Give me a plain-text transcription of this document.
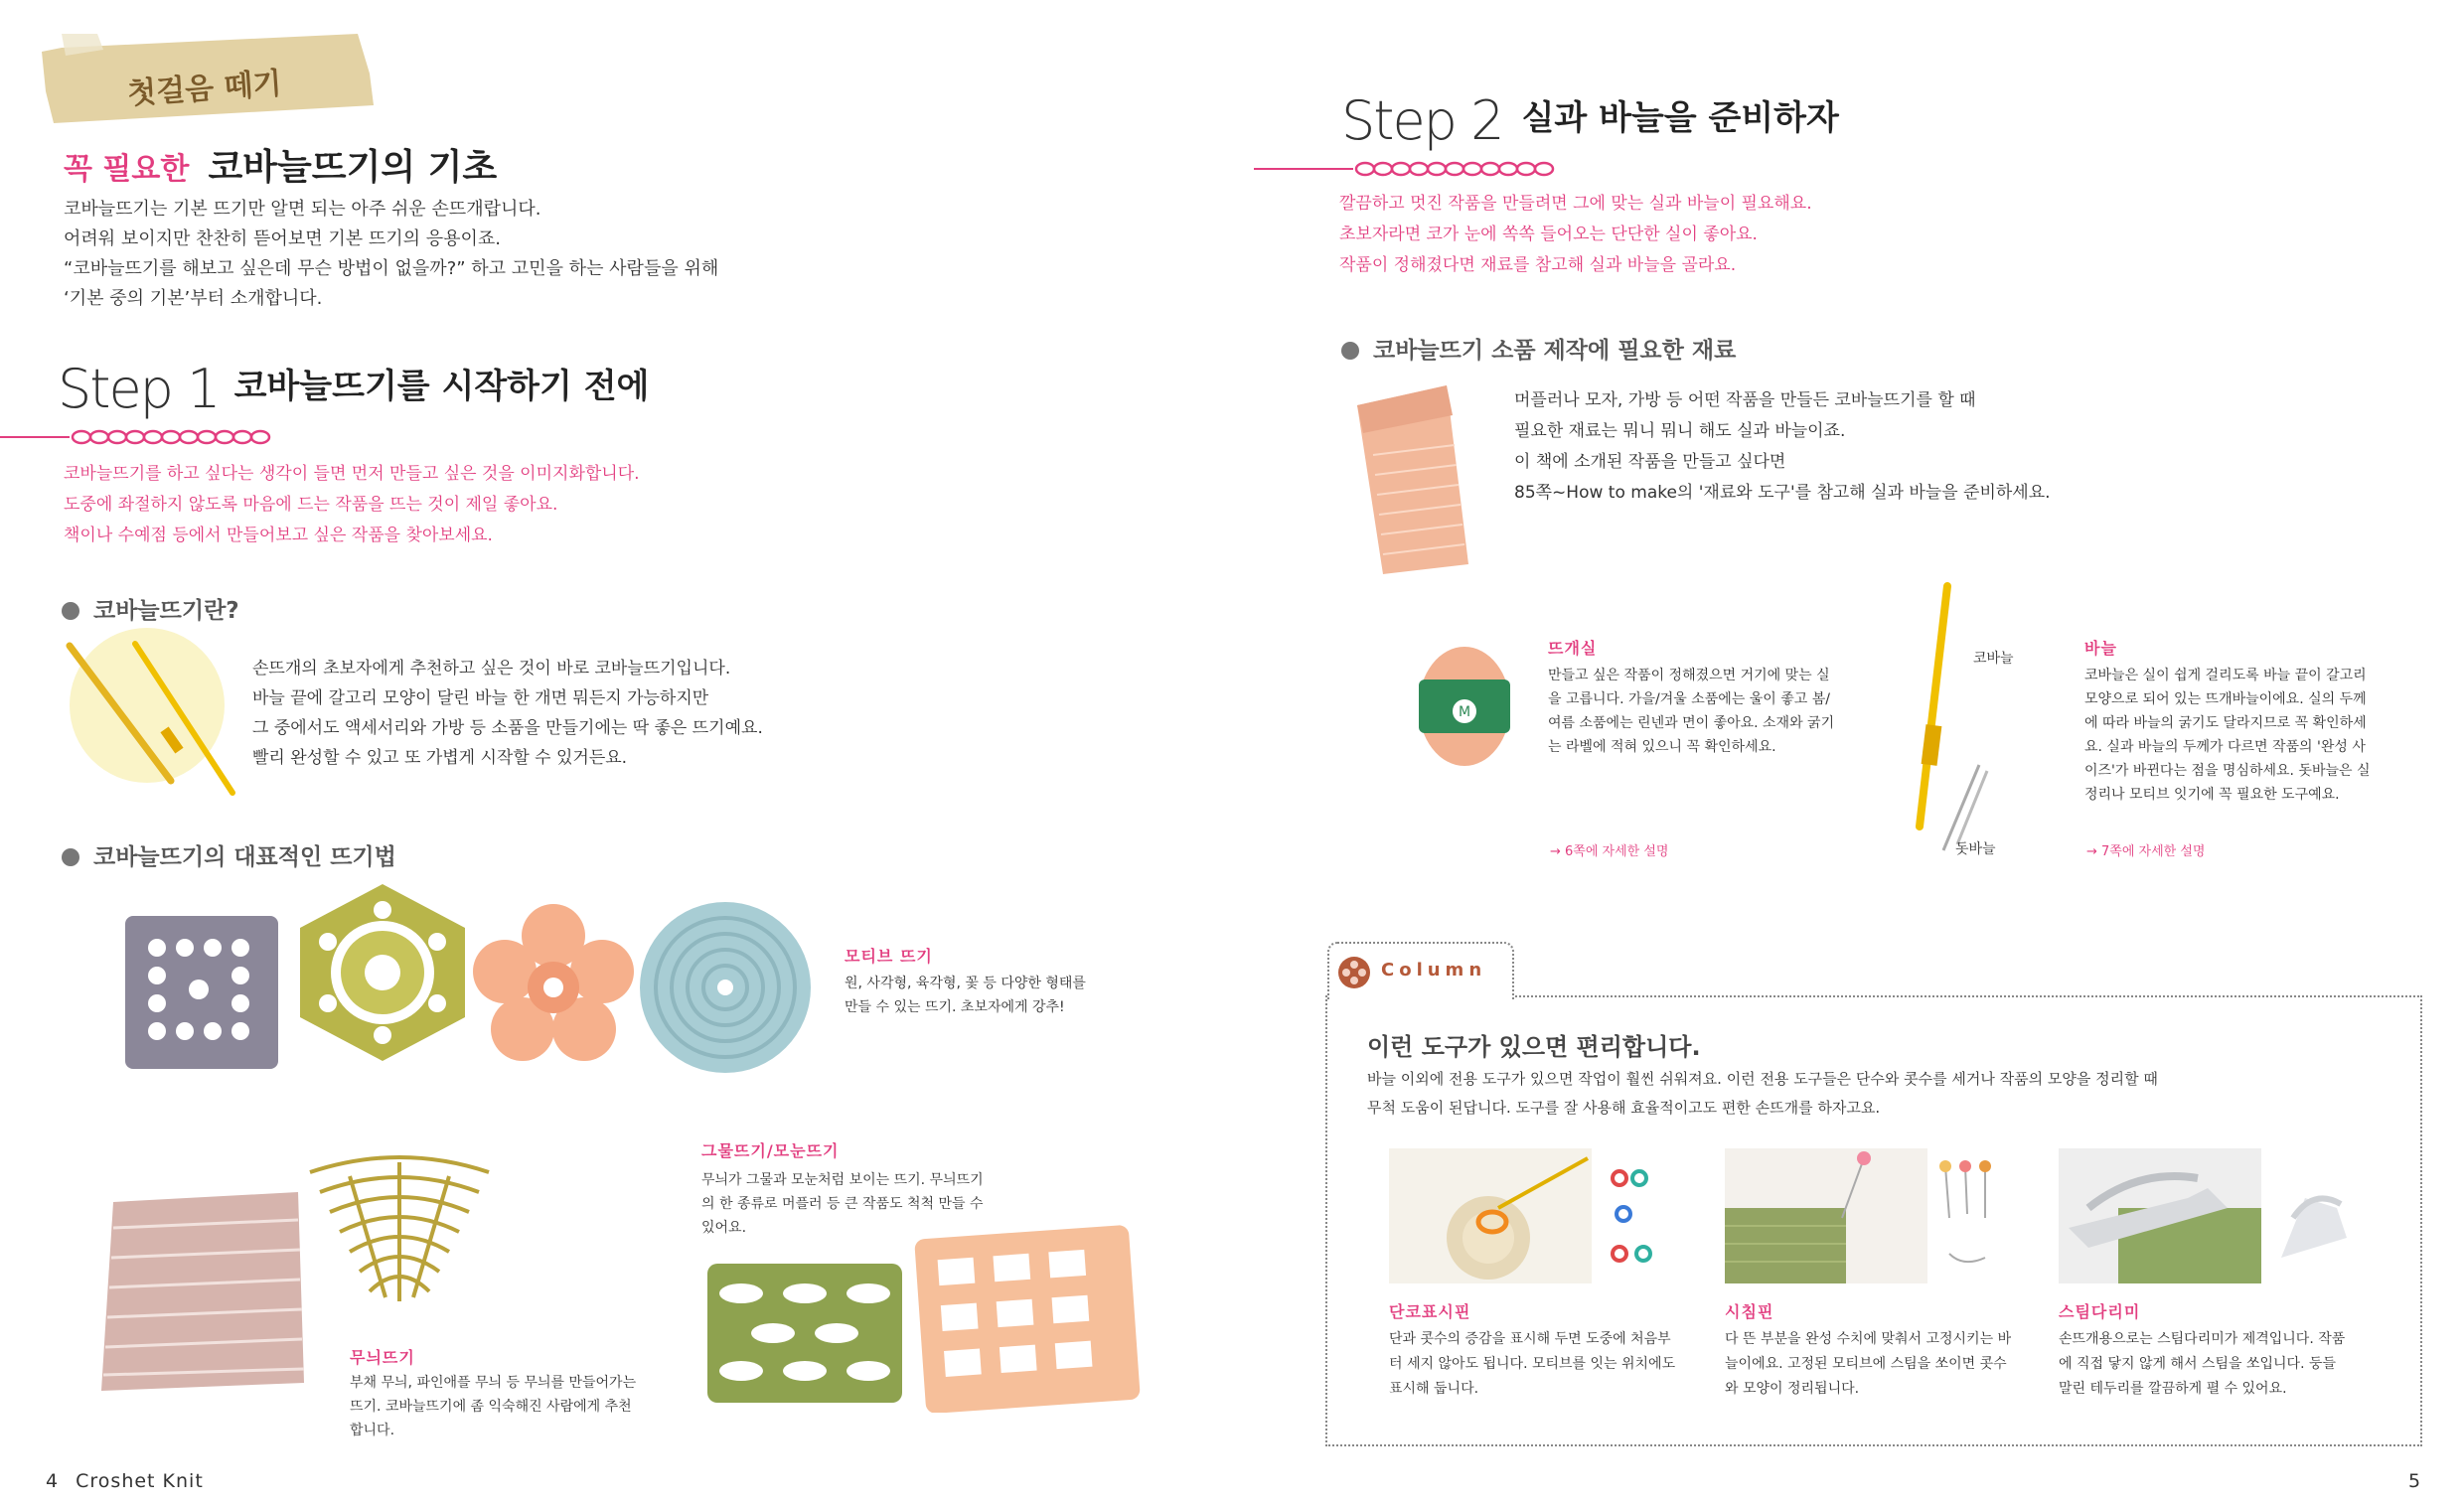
첫걸음 떼기
꼭 필요한 코바늘뜨기의 기초
코바늘뜨기는 기본 뜨기만 알면 되는 아주 쉬운 손뜨개랍니다.
어려워 보이지만 찬찬히 뜯어보면 기본 뜨기의 응용이죠.
“코바늘뜨기를 해보고 싶은데 무슨 방법이 없을까?” 하고 고민을 하는 사람들을 위해
‘기본 중의 기본’부터 소개합니다.
Step 1 코바늘뜨기를 시작하기 전에
코바늘뜨기를 하고 싶다는 생각이 들면 먼저 만들고 싶은 것을 이미지화합니다.
도중에 좌절하지 않도록 마음에 드는 작품을 뜨는 것이 제일 좋아요.
책이나 수예점 등에서 만들어보고 싶은 작품을 찾아보세요.
코바늘뜨기란?
손뜨개의 초보자에게 추천하고 싶은 것이 바로 코바늘뜨기입니다.
바늘 끝에 갈고리 모양이 달린 바늘 한 개면 뭐든지 가능하지만
그 중에서도 액세서리와 가방 등 소품을 만들기에는 딱 좋은 뜨기예요.
빨리 완성할 수 있고 또 가볍게 시작할 수 있거든요.
코바늘뜨기의 대표적인 뜨기법
모티브 뜨기
원, 사각형, 육각형, 꽃 등 다양한 형태를
만들 수 있는 뜨기. 초보자에게 강추!
그물뜨기/모눈뜨기
무늬가 그물과 모눈처럼 보이는 뜨기. 무늬뜨기
의 한 종류로 머플러 등 큰 작품도 척척 만들 수
있어요.
무늬뜨기
부채 무늬, 파인애플 무늬 등 무늬를 만들어가는
뜨기. 코바늘뜨기에 좀 익숙해진 사람에게 추천
합니다.
4 Croshet Knit
Step 2 실과 바늘을 준비하자
깔끔하고 멋진 작품을 만들려면 그에 맞는 실과 바늘이 필요해요.
초보자라면 코가 눈에 쏙쏙 들어오는 단단한 실이 좋아요.
작품이 정해졌다면 재료를 참고해 실과 바늘을 골라요.
코바늘뜨기 소품 제작에 필요한 재료
머플러나 모자, 가방 등 어떤 작품을 만들든 코바늘뜨기를 할 때
필요한 재료는 뭐니 뭐니 해도 실과 바늘이죠.
이 책에 소개된 작품을 만들고 싶다면
85쪽~How to make의 '재료와 도구'를 참고해 실과 바늘을 준비하세요.
M
뜨개실
만들고 싶은 작품이 정해졌으면 거기에 맞는 실
을 고릅니다. 가을/겨울 소품에는 울이 좋고 봄/
여름 소품에는 린넨과 면이 좋아요. 소재와 굵기
는 라벨에 적혀 있으니 꼭 확인하세요.
→ 6쪽에 자세한 설명
코바늘
돗바늘
바늘
코바늘은 실이 쉽게 걸리도록 바늘 끝이 갈고리
모양으로 되어 있는 뜨개바늘이에요. 실의 두께
에 따라 바늘의 굵기도 달라지므로 꼭 확인하세
요. 실과 바늘의 두께가 다르면 작품의 '완성 사
이즈'가 바뀐다는 점을 명심하세요. 돗바늘은 실
정리나 모티브 잇기에 꼭 필요한 도구예요.
→ 7쪽에 자세한 설명
Column
이런 도구가 있으면 편리합니다.
바늘 이외에 전용 도구가 있으면 작업이 훨씬 쉬워져요. 이런 전용 도구들은 단수와 콧수를 세거나 작품의 모양을 정리할 때
무척 도움이 된답니다. 도구를 잘 사용해 효율적이고도 편한 손뜨개를 하자고요.
단코표시핀
단과 콧수의 증감을 표시해 두면 도중에 처음부
터 세지 않아도 됩니다. 모티브를 잇는 위치에도
표시해 둡니다.
시침핀
다 뜬 부분을 완성 수치에 맞춰서 고정시키는 바
늘이에요. 고정된 모티브에 스팀을 쏘이면 콧수
와 모양이 정리됩니다.
스팀다리미
손뜨개용으로는 스팀다리미가 제격입니다. 작품
에 직접 닿지 않게 해서 스팀을 쏘입니다. 둥들
말린 테두리를 깔끔하게 펼 수 있어요.
5
